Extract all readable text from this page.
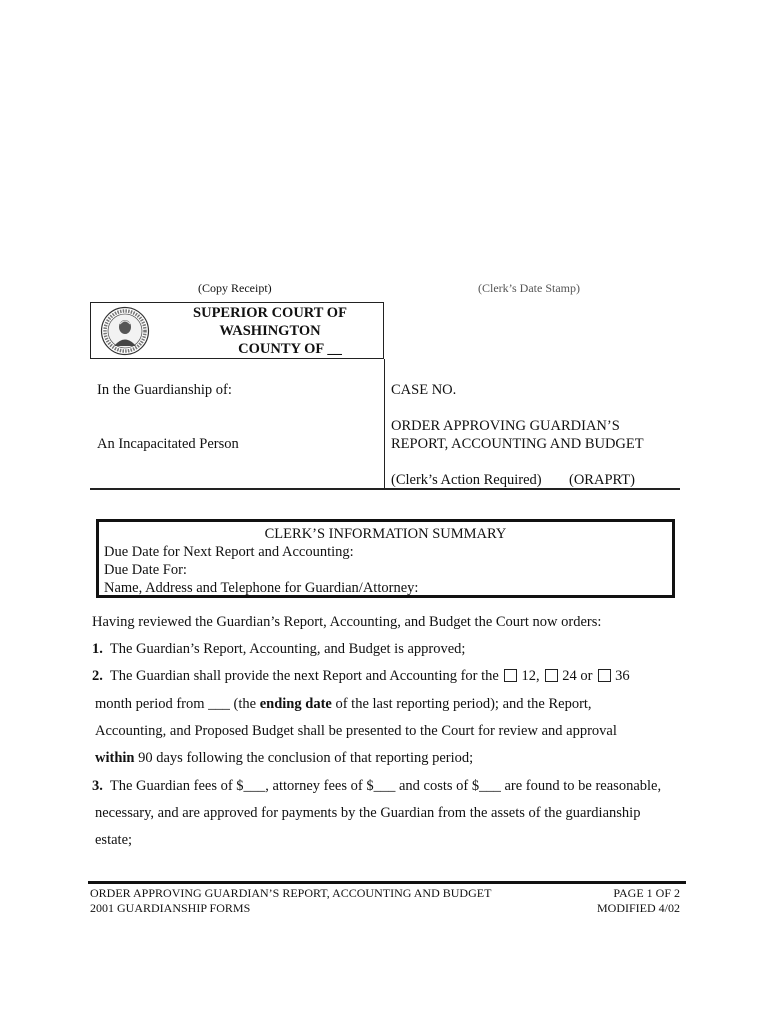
(Copy Receipt)	(Clerk’s Date Stamp)
SUPERIOR COURT OF
WASHINGTON
COUNTY OF __
In the Guardianship of:
An Incapacitated Person
CASE NO.
ORDER APPROVING GUARDIAN’S
REPORT, ACCOUNTING AND BUDGET
(Clerk’s Action Required) (ORAPRT)
CLERK’S INFORMATION SUMMARY
Due Date for Next Report and Accounting:
Due Date For:
Name, Address and Telephone for Guardian/Attorney:
Having reviewed the Guardian’s Report, Accounting, and Budget the Court now orders:
1. The Guardian’s Report, Accounting, and Budget is approved;
2. The Guardian shall provide the next Report and Accounting for the 12, 24 or 36
month period from ___ (the ending date of the last reporting period); and the Report,
Accounting, and Proposed Budget shall be presented to the Court for review and approval
within 90 days following the conclusion of that reporting period;
3. The Guardian fees of $___, attorney fees of $___ and costs of $___ are found to be reasonable,
necessary, and are approved for payments by the Guardian from the assets of the guardianship
estate;
ORDER APPROVING GUARDIAN’S REPORT, ACCOUNTING AND BUDGET
2001 GUARDIANSHIP FORMS
PAGE 1 OF 2
MODIFIED 4/02
